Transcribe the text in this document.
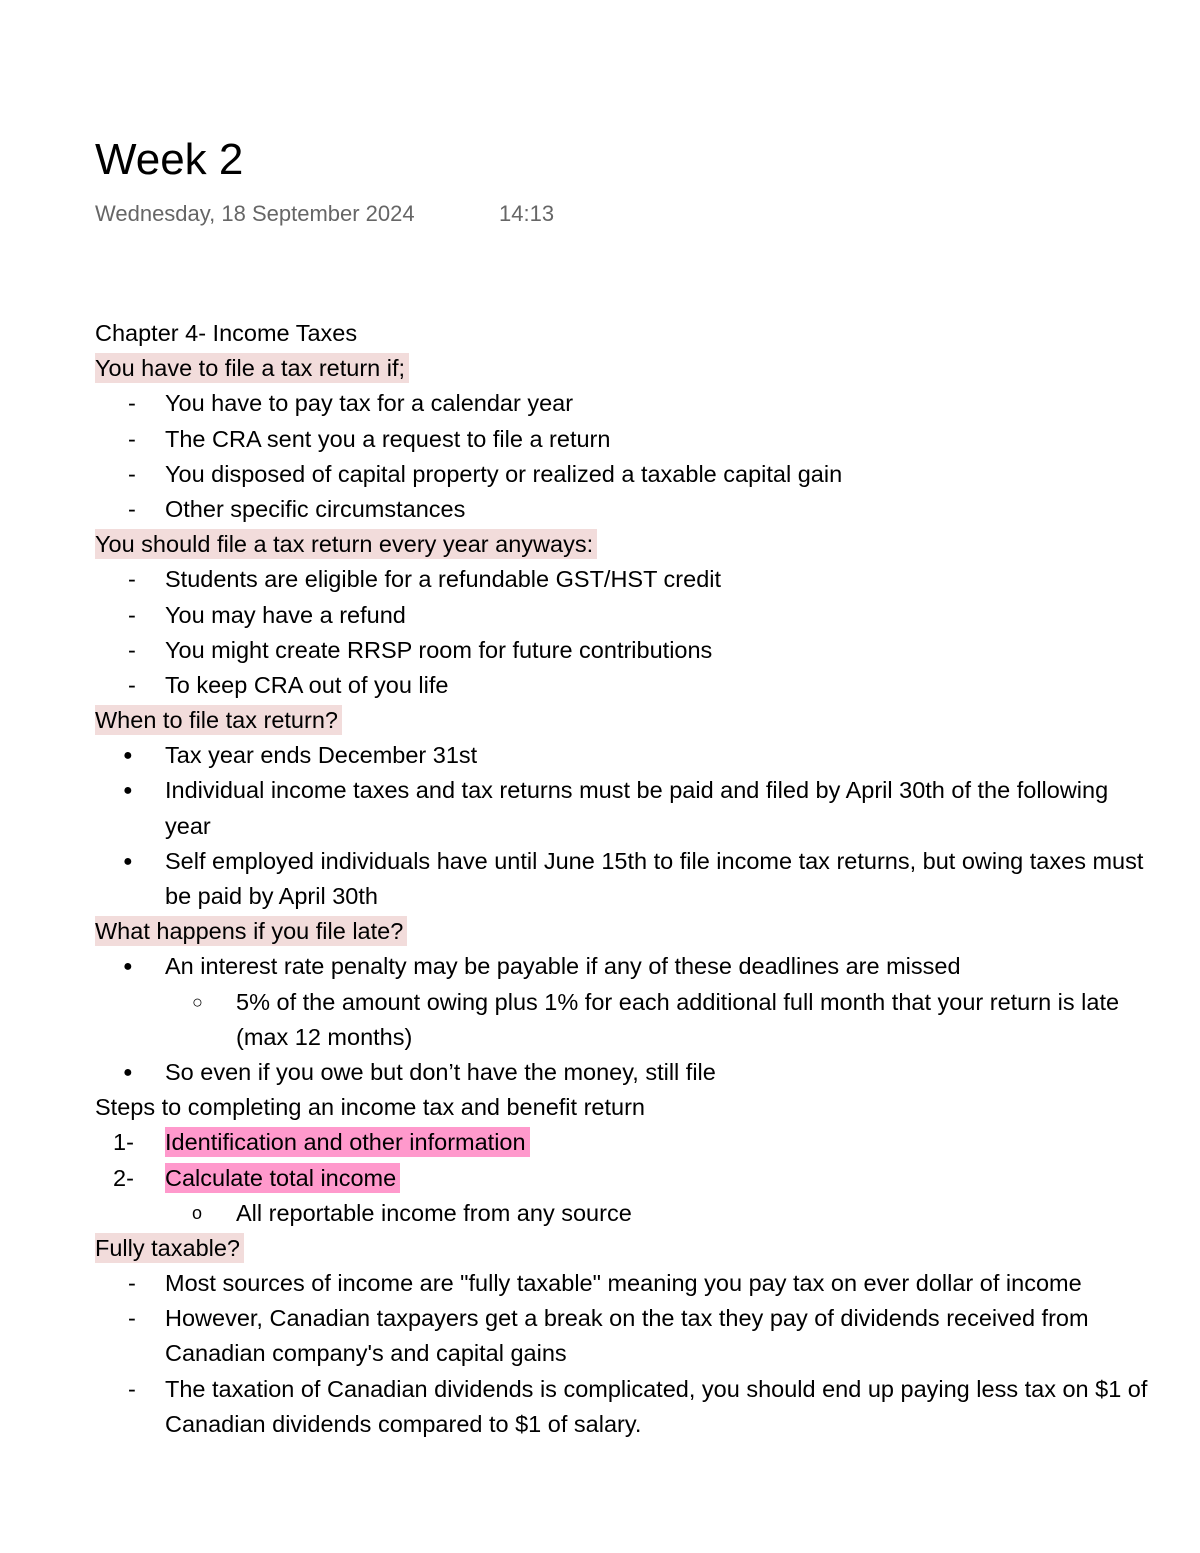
Week 2
Wednesday, 18 September 2024	14:13
Chapter 4- Income Taxes
You have to file a tax return if;
- You have to pay tax for a calendar year
- The CRA sent you a request to file a return
- You disposed of capital property or realized a taxable capital gain
- Other specific circumstances
You should file a tax return every year anyways:
- Students are eligible for a refundable GST/HST credit
- You may have a refund
- You might create RRSP room for future contributions
- To keep CRA out of you life
When to file tax return?
● Tax year ends December 31st
● Individual income taxes and tax returns must be paid and filed by April 30th of the following
year
● Self employed individuals have until June 15th to file income tax returns, but owing taxes must
be paid by April 30th
What happens if you file late?
● An interest rate penalty may be payable if any of these deadlines are missed
○ 5% of the amount owing plus 1% for each additional full month that your return is late
(max 12 months)
● So even if you owe but don’t have the money, still file
Steps to completing an income tax and benefit return
1- Identification and other information
2- Calculate total income
o All reportable income from any source
Fully taxable?
- Most sources of income are "fully taxable" meaning you pay tax on ever dollar of income
- However, Canadian taxpayers get a break on the tax they pay of dividends received from
Canadian company's and capital gains
- The taxation of Canadian dividends is complicated, you should end up paying less tax on $1 of
Canadian dividends compared to $1 of salary.
